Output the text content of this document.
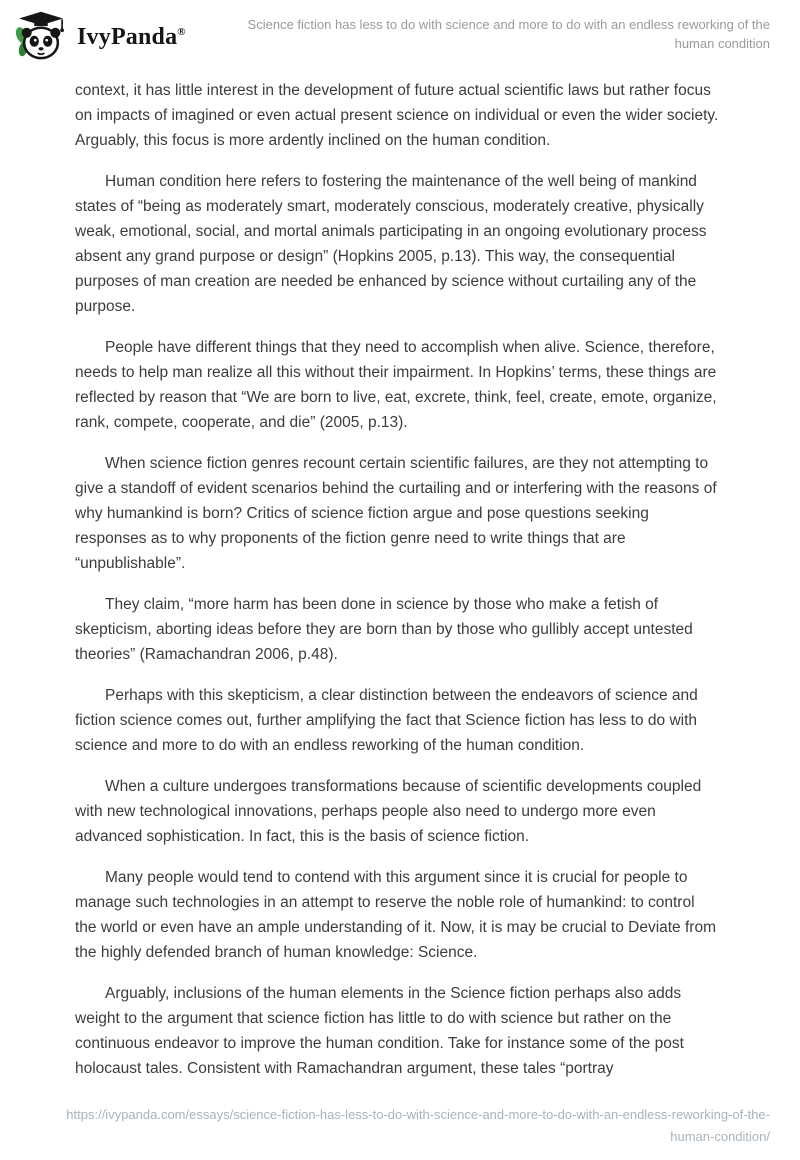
IvyPanda®	Science fiction has less to do with science and more to do with an endless reworking of the human condition

context, it has little interest in the development of future actual scientific laws but rather focus on impacts of imagined or even actual present science on individual or even the wider society. Arguably, this focus is more ardently inclined on the human condition.

Human condition here refers to fostering the maintenance of the well being of mankind states of “being as moderately smart, moderately conscious, moderately creative, physically weak, emotional, social, and mortal animals participating in an ongoing evolutionary process absent any grand purpose or design” (Hopkins 2005, p.13). This way, the consequential purposes of man creation are needed be enhanced by science without curtailing any of the purpose.

People have different things that they need to accomplish when alive. Science, therefore, needs to help man realize all this without their impairment. In Hopkins’ terms, these things are reflected by reason that “We are born to live, eat, excrete, think, feel, create, emote, organize, rank, compete, cooperate, and die” (2005, p.13).

When science fiction genres recount certain scientific failures, are they not attempting to give a standoff of evident scenarios behind the curtailing and or interfering with the reasons of why humankind is born? Critics of science fiction argue and pose questions seeking responses as to why proponents of the fiction genre need to write things that are “unpublishable”.

They claim, “more harm has been done in science by those who make a fetish of skepticism, aborting ideas before they are born than by those who gullibly accept untested theories” (Ramachandran 2006, p.48).

Perhaps with this skepticism, a clear distinction between the endeavors of science and fiction science comes out, further amplifying the fact that Science fiction has less to do with science and more to do with an endless reworking of the human condition.

When a culture undergoes transformations because of scientific developments coupled with new technological innovations, perhaps people also need to undergo more even advanced sophistication. In fact, this is the basis of science fiction.

Many people would tend to contend with this argument since it is crucial for people to manage such technologies in an attempt to reserve the noble role of humankind: to control the world or even have an ample understanding of it. Now, it is may be crucial to Deviate from the highly defended branch of human knowledge: Science.

Arguably, inclusions of the human elements in the Science fiction perhaps also adds weight to the argument that science fiction has little to do with science but rather on the continuous endeavor to improve the human condition. Take for instance some of the post holocaust tales. Consistent with Ramachandran argument, these tales “portray

https://ivypanda.com/essays/science-fiction-has-less-to-do-with-science-and-more-to-do-with-an-endless-reworking-of-the-human-condition/
